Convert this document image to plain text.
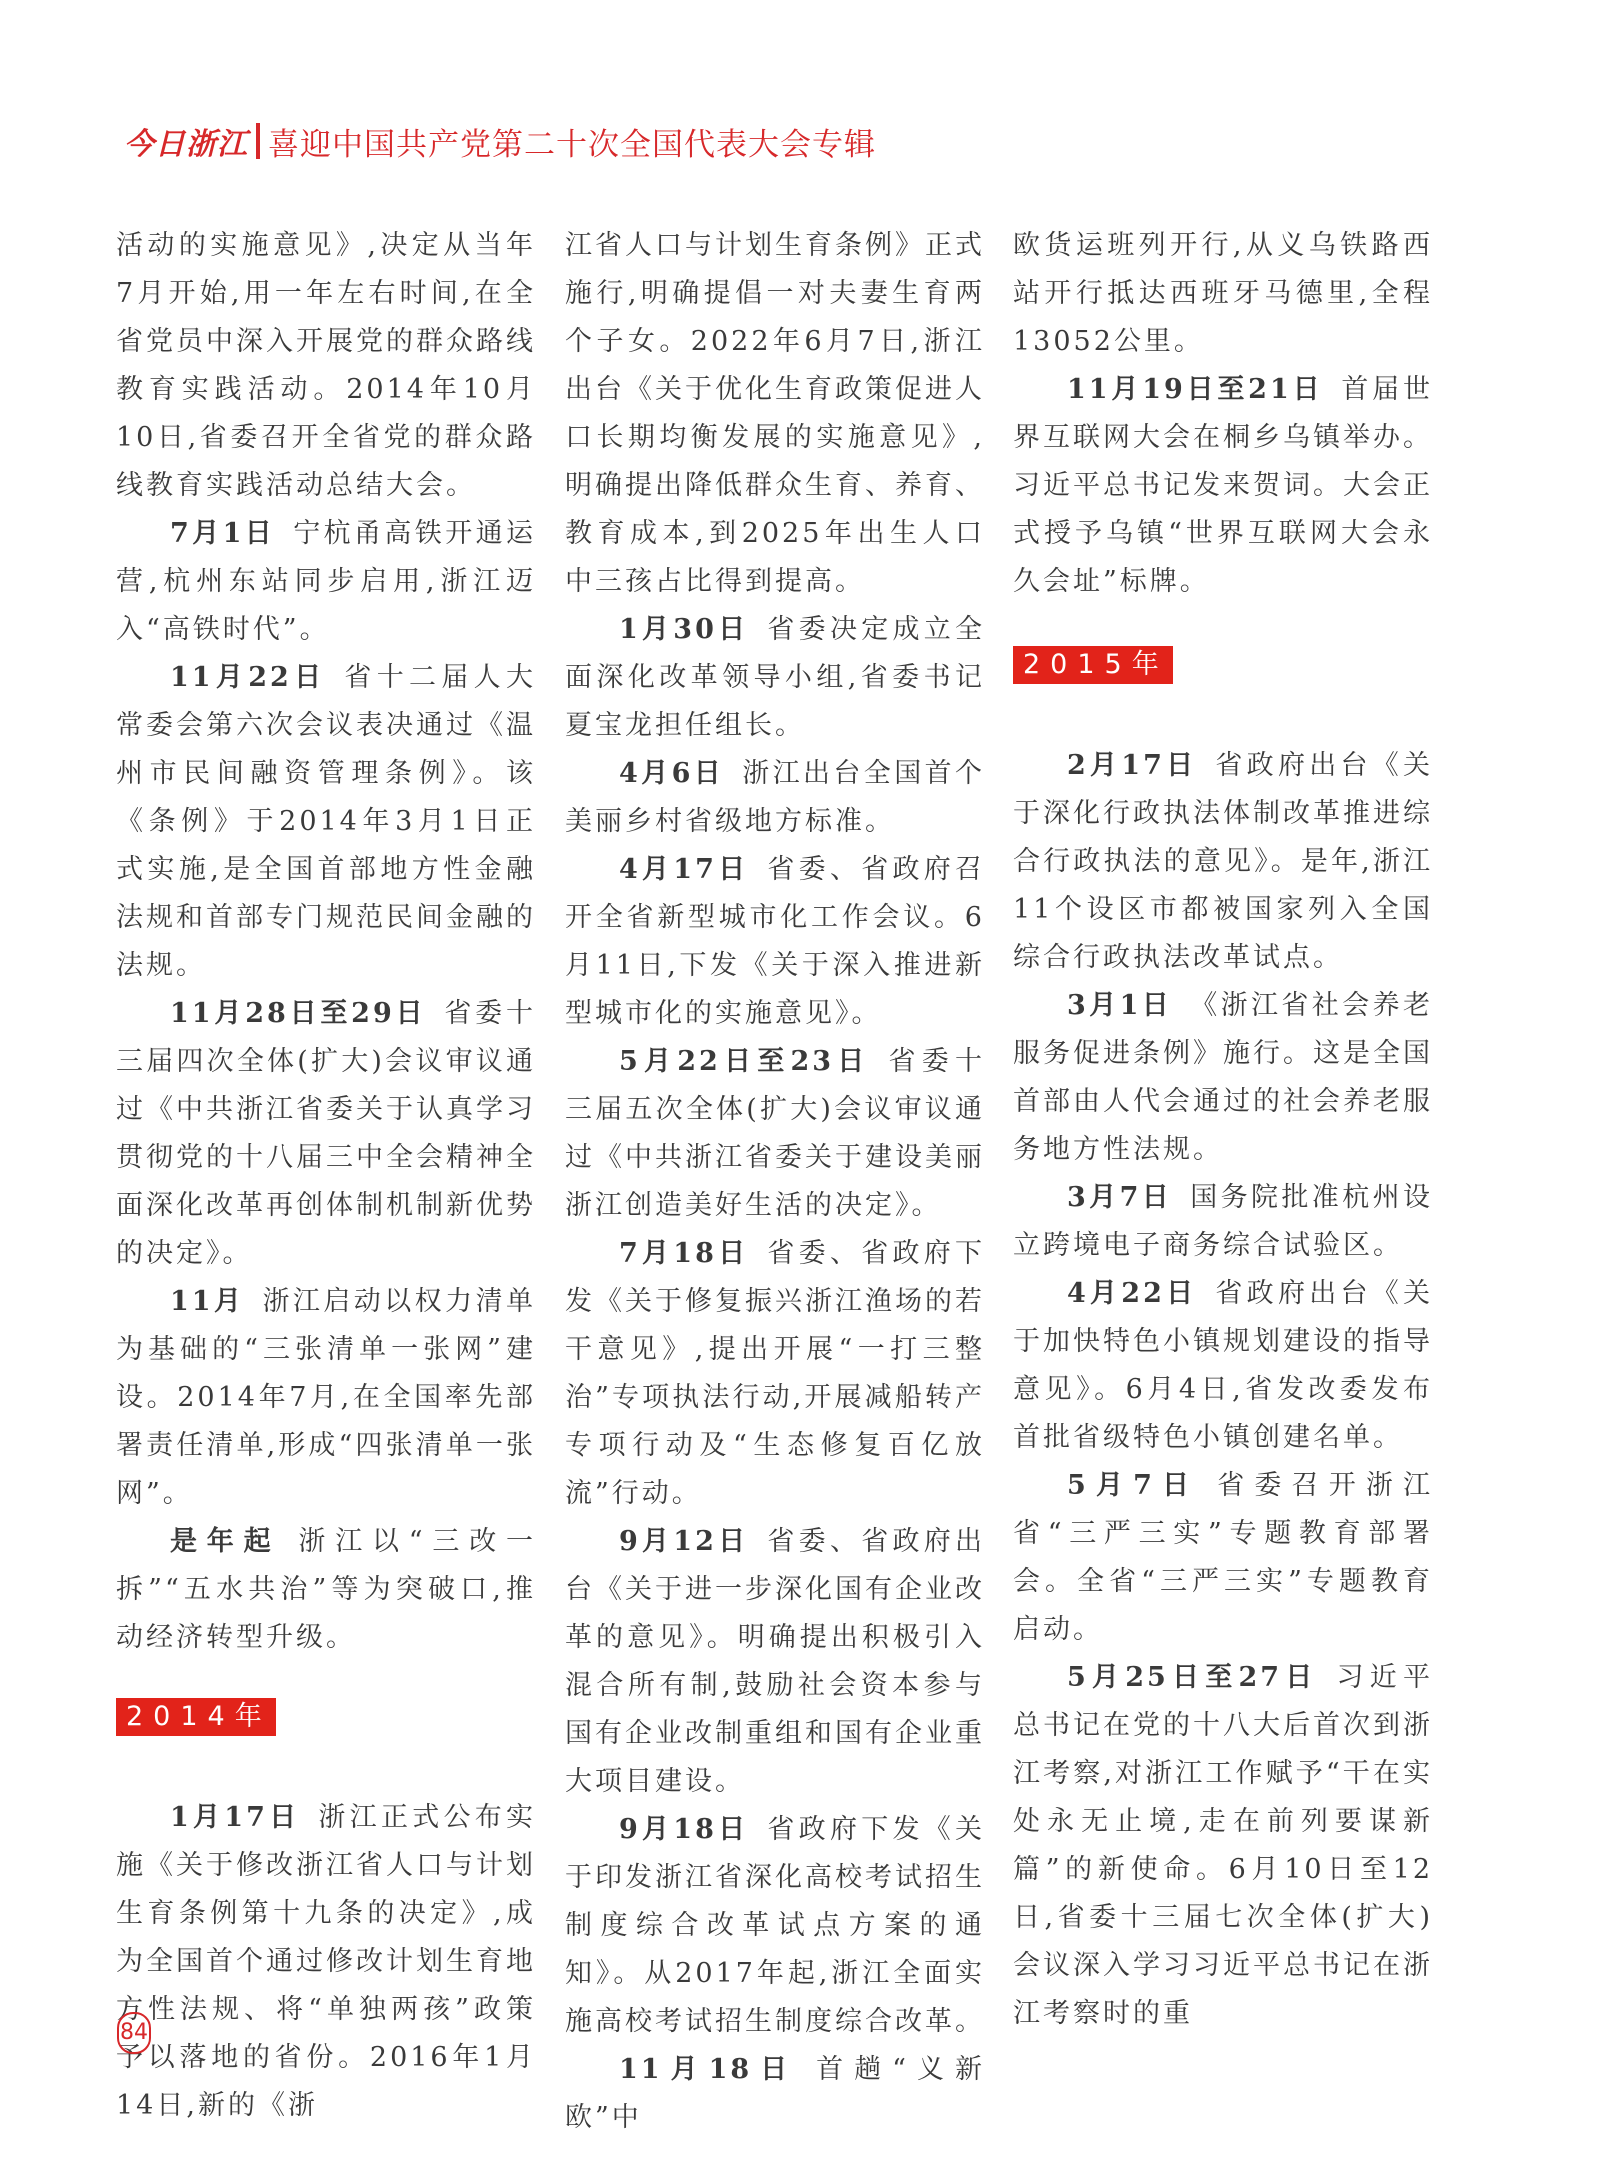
今日浙江 喜迎中国共产党第二十次全国代表大会专辑

活动的实施意见》,决定从当年7月开始,用一年左右时间,在全省党员中深入开展党的群众路线教育实践活动。2014年10月10日,省委召开全省党的群众路线教育实践活动总结大会。

7月1日 宁杭甬高铁开通运营,杭州东站同步启用,浙江迈入“高铁时代”。

11月22日 省十二届人大常委会第六次会议表决通过《温州市民间融资管理条例》。该《条例》于2014年3月1日正式实施,是全国首部地方性金融法规和首部专门规范民间金融的法规。

11月28日至29日 省委十三届四次全体(扩大)会议审议通过《中共浙江省委关于认真学习贯彻党的十八届三中全会精神全面深化改革再创体制机制新优势的决定》。

11月 浙江启动以权力清单为基础的“三张清单一张网”建设。2014年7月,在全国率先部署责任清单,形成“四张清单一张网”。

是年起 浙江以“三改一拆”“五水共治”等为突破口,推动经济转型升级。

2014年

1月17日 浙江正式公布实施《关于修改浙江省人口与计划生育条例第十九条的决定》,成为全国首个通过修改计划生育地方性法规、将“单独两孩”政策予以落地的省份。2016年1月14日,新的《浙

江省人口与计划生育条例》正式施行,明确提倡一对夫妻生育两个子女。2022年6月7日,浙江出台《关于优化生育政策促进人口长期均衡发展的实施意见》,明确提出降低群众生育、养育、教育成本,到2025年出生人口中三孩占比得到提高。

1月30日 省委决定成立全面深化改革领导小组,省委书记夏宝龙担任组长。

4月6日 浙江出台全国首个美丽乡村省级地方标准。

4月17日 省委、省政府召开全省新型城市化工作会议。6月11日,下发《关于深入推进新型城市化的实施意见》。

5月22日至23日 省委十三届五次全体(扩大)会议审议通过《中共浙江省委关于建设美丽浙江创造美好生活的决定》。

7月18日 省委、省政府下发《关于修复振兴浙江渔场的若干意见》,提出开展“一打三整治”专项执法行动,开展减船转产专项行动及“生态修复百亿放流”行动。

9月12日 省委、省政府出台《关于进一步深化国有企业改革的意见》。明确提出积极引入混合所有制,鼓励社会资本参与国有企业改制重组和国有企业重大项目建设。

9月18日 省政府下发《关于印发浙江省深化高校考试招生制度综合改革试点方案的通知》。从2017年起,浙江全面实施高校考试招生制度综合改革。

11月18日 首趟“义新欧”中

欧货运班列开行,从义乌铁路西站开行抵达西班牙马德里,全程13052公里。

11月19日至21日 首届世界互联网大会在桐乡乌镇举办。习近平总书记发来贺词。大会正式授予乌镇“世界互联网大会永久会址”标牌。

2015年

2月17日 省政府出台《关于深化行政执法体制改革推进综合行政执法的意见》。是年,浙江11个设区市都被国家列入全国综合行政执法改革试点。

3月1日 《浙江省社会养老服务促进条例》施行。这是全国首部由人代会通过的社会养老服务地方性法规。

3月7日 国务院批准杭州设立跨境电子商务综合试验区。

4月22日 省政府出台《关于加快特色小镇规划建设的指导意见》。6月4日,省发改委发布首批省级特色小镇创建名单。

5月7日 省委召开浙江省“三严三实”专题教育部署会。全省“三严三实”专题教育启动。

5月25日至27日 习近平总书记在党的十八大后首次到浙江考察,对浙江工作赋予“干在实处永无止境,走在前列要谋新篇”的新使命。6月10日至12日,省委十三届七次全体(扩大)会议深入学习习近平总书记在浙江考察时的重

84
